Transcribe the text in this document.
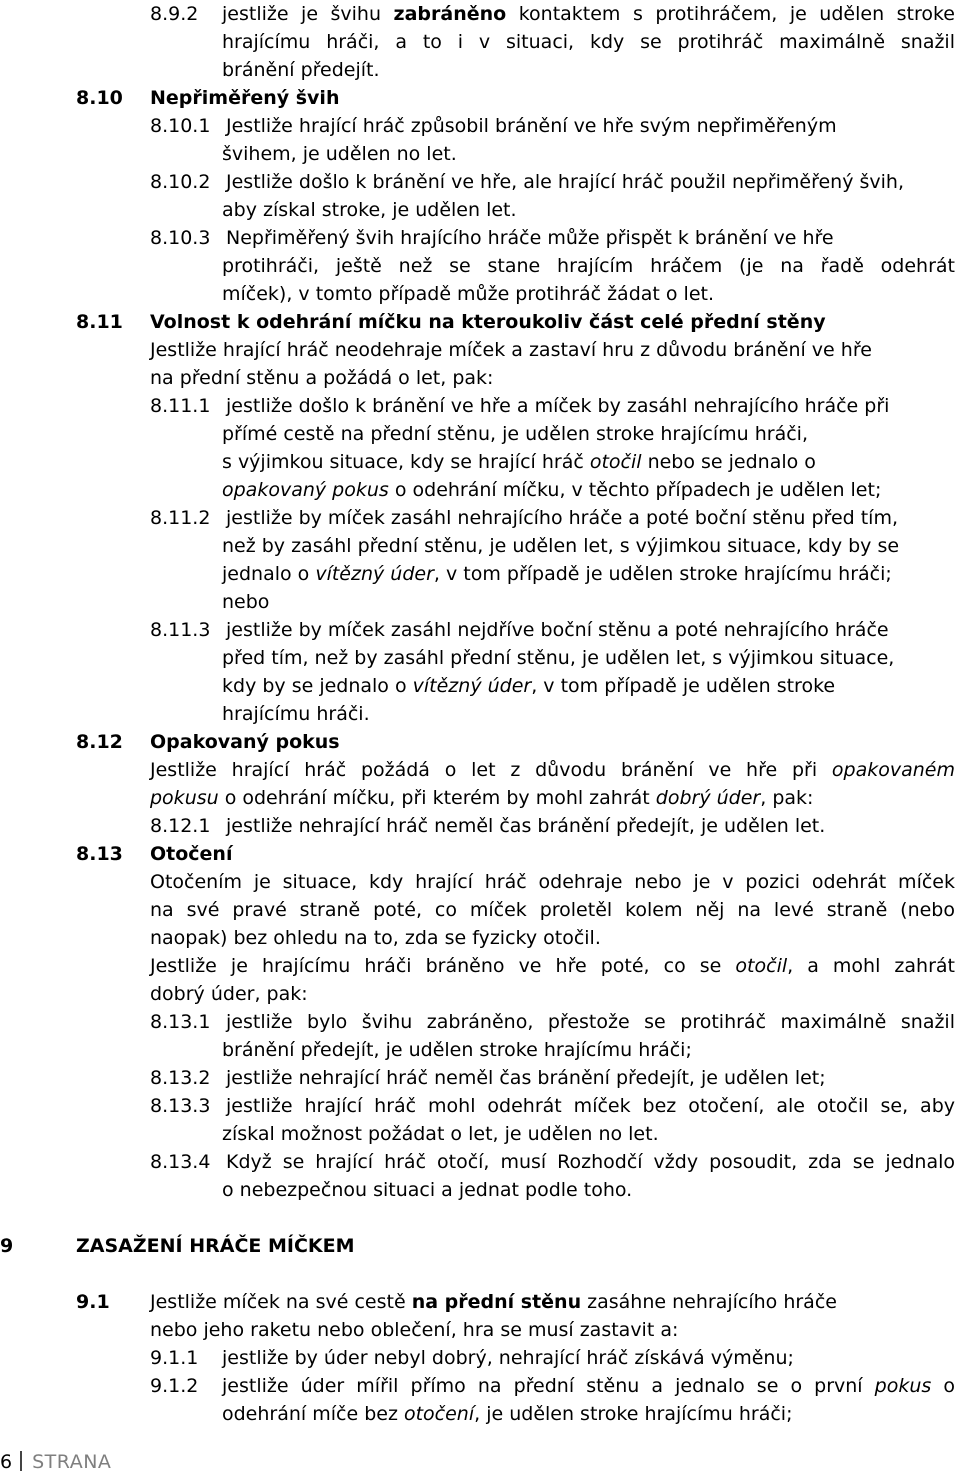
8.9.2 jestliže je švihu zabráněno kontaktem s protihráčem, je udělen stroke
hrajícímu hráči, a to i v situaci, kdy se protihráč maximálně snažil
bránění předejít.
8.10 Nepřiměřený švih
8.10.1 Jestliže hrající hráč způsobil bránění ve hře svým nepřiměřeným
švihem, je udělen no let.
8.10.2 Jestliže došlo k bránění ve hře, ale hrající hráč použil nepřiměřený švih,
aby získal stroke, je udělen let.
8.10.3 Nepřiměřený švih hrajícího hráče může přispět k bránění ve hře
protihráči, ještě než se stane hrajícím hráčem (je na řadě odehrát
míček), v tomto případě může protihráč žádat o let.
8.11 Volnost k odehrání míčku na kteroukoliv část celé přední stěny
Jestliže hrající hráč neodehraje míček a zastaví hru z důvodu bránění ve hře
na přední stěnu a požádá o let, pak:
8.11.1 jestliže došlo k bránění ve hře a míček by zasáhl nehrajícího hráče při
přímé cestě na přední stěnu, je udělen stroke hrajícímu hráči,
s výjimkou situace, kdy se hrající hráč otočil nebo se jednalo o
opakovaný pokus o odehrání míčku, v těchto případech je udělen let;
8.11.2 jestliže by míček zasáhl nehrajícího hráče a poté boční stěnu před tím,
než by zasáhl přední stěnu, je udělen let, s výjimkou situace, kdy by se
jednalo o vítězný úder, v tom případě je udělen stroke hrajícímu hráči;
nebo
8.11.3 jestliže by míček zasáhl nejdříve boční stěnu a poté nehrajícího hráče
před tím, než by zasáhl přední stěnu, je udělen let, s výjimkou situace,
kdy by se jednalo o vítězný úder, v tom případě je udělen stroke
hrajícímu hráči.
8.12 Opakovaný pokus
Jestliže hrající hráč požádá o let z důvodu bránění ve hře při opakovaném
pokusu o odehrání míčku, při kterém by mohl zahrát dobrý úder, pak:
8.12.1 jestliže nehrající hráč neměl čas bránění předejít, je udělen let.
8.13 Otočení
Otočením je situace, kdy hrající hráč odehraje nebo je v pozici odehrát míček
na své pravé straně poté, co míček proletěl kolem něj na levé straně (nebo
naopak) bez ohledu na to, zda se fyzicky otočil.
Jestliže je hrajícímu hráči bráněno ve hře poté, co se otočil, a mohl zahrát
dobrý úder, pak:
8.13.1 jestliže bylo švihu zabráněno, přestože se protihráč maximálně snažil
bránění předejít, je udělen stroke hrajícímu hráči;
8.13.2 jestliže nehrající hráč neměl čas bránění předejít, je udělen let;
8.13.3 jestliže hrající hráč mohl odehrát míček bez otočení, ale otočil se, aby
získal možnost požádat o let, je udělen no let.
8.13.4 Když se hrající hráč otočí, musí Rozhodčí vždy posoudit, zda se jednalo
o nebezpečnou situaci a jednat podle toho.
9	ZASAŽENÍ HRÁČE MÍČKEM
9.1 Jestliže míček na své cestě na přední stěnu zasáhne nehrajícího hráče
nebo jeho raketu nebo oblečení, hra se musí zastavit a:
9.1.1 jestliže by úder nebyl dobrý, nehrající hráč získává výměnu;
9.1.2 jestliže úder mířil přímo na přední stěnu a jednalo se o první pokus o
odehrání míče bez otočení, je udělen stroke hrajícímu hráči;
6 STRANA
